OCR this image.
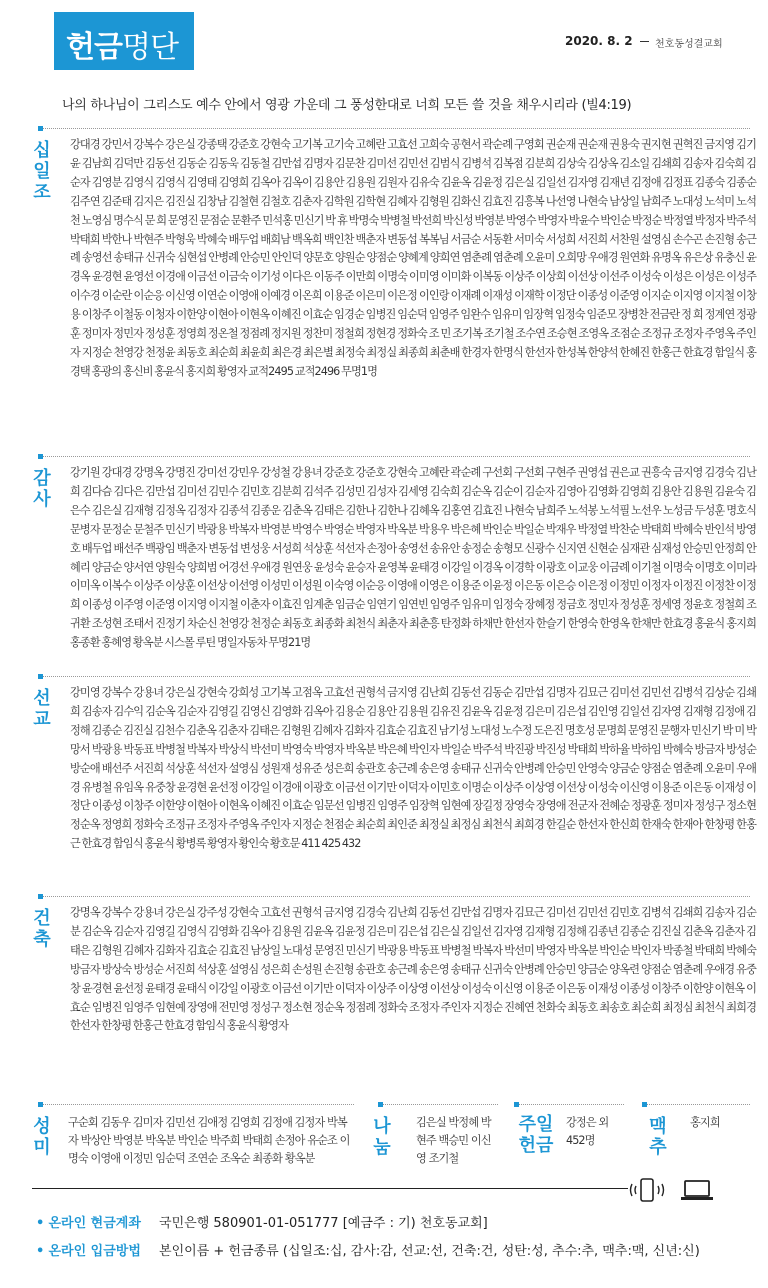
헌금명단	2020. 8. 2 천호동성결교회
나의 하나님이 그리스도 예수 안에서 영광 가운데 그 풍성한대로 너희 모든 쓸 것을 채우시리라 (빌4:19)
십일조
강대경 강민서 강복수 강은실 강종택 강준호 강현숙 고기복 고기숙 고혜란 고효선 고희숙 공현서 곽순례 구영회 권순재 권순재 권용숙 권지현 권혁진 금지영 김기윤 김남희 김덕만 김동선 김동순 김동욱 김동철 김만섭 김명자 김문찬 김미선 김민선 김범식 김병석 김복점 김분희 김상숙 김상옥 김소일 김쇄희 김송자 김숙희 김순자 김영분 김영식 김영식 김영태 김영희 김옥아 김옥이 김용안 김용원 김원자 김유숙 김윤옥 김윤정 김은실 김일선 김자영 김재년 김정애 김정표 김종숙 김종순 김주연 김준태 김지은 김진실 김창남 김철현 김철호 김춘자 김학원 김학현 김혜자 김형원 김화신 김효진 김흥복 나선영 나현숙 남상일 남희주 노대성 노석미 노석천 노영심 명수식 문 희 문영진 문점순 문환주 민석홍 민신기 박 휴 박명숙 박병철 박선희 박신성 박영분 박영수 박영자 박윤수 박인순 박정순 박정열 박정자 박주석 박태희 박한나 박현주 박형욱 박혜숙 배두업 배희남 백옥희 백인찬 백춘자 변동섭 복복님 서금순 서동환 서미숙 서성희 서진희 서찬원 설영심 손수곤 손진형 송근례 송영선 송태규 신귀숙 심현섭 안병례 안승민 안인덕 양문호 양원순 양점순 양혜계 양희연 염춘례 염춘례 오윤미 오희망 우애경 원연화 유명옥 유은상 유충신 윤경옥 윤경현 윤영선 이경애 이금선 이금숙 이기성 이다은 이동주 이만희 이명숙 이미영 이미화 이복동 이상주 이상희 이선상 이선주 이성숙 이성은 이성은 이성주 이수경 이순란 이순응 이신영 이연순 이영애 이예경 이온희 이용준 이은미 이은정 이인랑 이재례 이재성 이재학 이정단 이종성 이준영 이지순 이지영 이지철 이창용 이창주 이철동 이청자 이한양 이현아 이현옥 이혜진 이효순 임경순 임병진 임순덕 임영주 임완수 임유미 임장혁 임정숙 임준모 장병찬 전금란 정 희 정계연 정광훈 정미자 정민자 정성훈 정영희 정온철 정점례 정지원 정찬미 정철희 정현경 정화숙 조 민 조기복 조기철 조수연 조승현 조영옥 조점순 조정규 조정자 주영옥 주인자 지정순 천영강 천정윤 최동호 최순희 최윤희 최은경 최은별 최정숙 최정실 최종희 최춘배 한경자 한명식 한선자 한성복 한양석 한혜진 한홍근 한효경 함일식 홍경택 홍광의 홍신비 홍윤식 홍지희 황영자 교적2495 교적2496 무명1명
감사
강기원 강대경 강명옥 강명진 강미선 강민우 강성철 강용녀 강준호 강준호 강현숙 고혜란 곽순례 구선회 구선회 구현주 권영섭 권은교 권흥숙 금지영 김경숙 김난희 김다슴 김다은 김만섭 김미선 김민수 김민호 김분희 김석주 김성민 김성자 김세영 김숙희 김순옥 김순이 김순자 김영아 김영화 김영희 김용안 김용원 김윤숙 김은수 김은실 김재형 김정옥 김정자 김종석 김종운 김춘옥 김태은 김한나 김한나 김혜옥 김홍연 김효진 나현숙 남희주 노석봉 노석필 노선우 노성금 두성훈 명호식 문병자 문정순 문철주 민신기 박광용 박복자 박영분 박영수 박영순 박영자 박옥분 박용우 박은혜 박인순 박일순 박재우 박정열 박찬순 박태희 박혜숙 반인석 방영호 배두업 배선주 백광임 백춘자 변동섭 변성웅 서성희 석상훈 석선자 손정아 송영선 송유안 송정순 송형모 신광수 신지연 신현순 심재관 심재성 안승민 안정희 안혜리 양금순 양서연 양원숙 양희범 어경선 우애경 원연웅 윤성숙 윤승자 윤영복 윤태경 이강일 이경옥 이경학 이광호 이교웅 이금례 이기철 이명숙 이명호 이미라 이미옥 이복수 이상주 이상훈 이선상 이선영 이성민 이성원 이숙영 이순응 이영애 이영은 이용준 이윤정 이은동 이은승 이은정 이정민 이정자 이정진 이정찬 이정희 이종성 이주영 이준영 이지영 이지철 이춘자 이효진 임계춘 임금순 임연기 임연빈 임영주 임유미 임정숙 장혜정 정금호 정민자 정성훈 정세영 정윤호 정철희 조귀환 조성현 조태서 진정기 차순신 천영강 천정순 최동호 최종화 최천식 최춘자 최춘흥 탄정화 하채만 한선자 한슬기 한영숙 한영옥 한채만 한효경 홍윤식 홍지희 홍종환 홍혜영 황옥분 시스몰 루틴 명일자동차 무명21명
선교
강미영 강복수 강용녀 강은실 강현숙 강희성 고기복 고점옥 고효선 권형석 금지영 김난희 김동선 김동순 김만섭 김명자 김묘근 김미선 김민선 김병석 김상순 김쇄희 김송자 김수익 김순옥 김순자 김영길 김영신 김영화 김옥아 김용순 김용안 김용원 김유진 김윤옥 김윤정 김은미 김은섭 김인영 김일선 김자영 김재형 김정애 김정해 김종순 김진실 김천수 김춘옥 김춘자 김태은 김형원 김혜자 김화자 김효순 김효진 남기성 노대성 노수정 도은진 명호성 문명희 문영진 문행자 민신기 박 미 박망서 박광용 박동표 박병철 박복자 박상식 박선미 박영숙 박영자 박옥분 박은혜 박인자 박일순 박주석 박진광 박진성 박태희 박하율 박하임 박혜숙 방금자 방성순 방순애 배선주 서진희 석상훈 석선자 설영심 성원재 성유준 성은희 송관호 송근례 송은영 송태규 신귀숙 안병례 안승민 안영숙 양금순 양점순 염춘례 오윤미 우애경 유병철 유임옥 유중창 윤경현 윤선정 이강일 이경애 이광호 이금선 이기만 이덕자 이민호 이명순 이상주 이상영 이선상 이성숙 이신영 이용준 이은동 이재성 이정단 이종성 이창주 이한양 이현아 이현옥 이혜진 이효순 임문선 임병진 임영주 임장혁 임현예 장길정 장영숙 장영애 전군자 전혜순 정광훈 정미자 정성구 정소현 정순옥 정영희 정화숙 조정규 조정자 주영옥 주인자 지정순 천점순 최순희 최인준 최정실 최정심 최천식 최희경 한길순 한선자 한신희 한재숙 한재아 한창평 한홍근 한효경 함임식 홍윤식 황병록 황영자 황인숙 황호문 411 425 432
건축
강명옥 강복수 강용녀 강은실 강주성 강현숙 고효선 권형석 금지영 김경숙 김난희 김동선 김만섭 김명자 김묘근 김미선 김민선 김민호 김병석 김쇄희 김송자 김순분 김순옥 김순자 김영길 김영식 김영화 김옥아 김용원 김윤옥 김윤정 김은미 김은섭 김은실 김일선 김자영 김재형 김정해 김종년 김종순 김진실 김춘옥 김춘자 김태은 김형원 김혜자 김화자 김효순 김효진 남상일 노대성 문영진 민신기 박광용 박동표 박병철 박복자 박선미 박영자 박옥분 박인순 박인자 박종철 박태희 박혜숙 방금자 방상숙 방성순 서진희 석상훈 설영심 성은희 손성원 손진형 송관호 송근례 송은영 송태규 신귀숙 안병례 안승민 양금순 양옥련 양점순 염춘례 우애경 유중창 윤경현 윤선정 윤태경 윤태식 이강일 이광호 이금선 이기만 이덕자 이상주 이상영 이선상 이성숙 이신영 이용준 이은동 이재성 이종성 이창주 이한양 이현옥 이효순 임병진 임영주 임현예 장영애 전민영 정성구 정소현 정순옥 정점례 정화숙 조정자 주인자 지정순 진혜연 천화숙 최동호 최송호 최순희 최정심 최천식 최희경 한선자 한창평 한홍근 한효경 함임식 홍윤식 황영자
성미
구순회 김동우 김미자 김민선 김애정 김영희 김정애 김정자 박복자 박상안 박영분 박옥분 박인순 박주희 박태희 손정아 유순조 이명숙 이영애 이정민 임순덕 조연순 조옥순 최종화 황옥분
나눔
김은실 박정혜 박현주 백승민 이신영 조기철
주일헌금
강정은 외 452명
맥추
홍지희

• 온라인 현금계좌 국민은행 580901-01-051777 [예금주 : 기) 천호동교회]
• 온라인 입금방법 본인이름 + 헌금종류 (십일조:십, 감사:감, 선교:선, 건축:건, 성탄:성, 추수:추, 맥추:맥, 신년:신)
